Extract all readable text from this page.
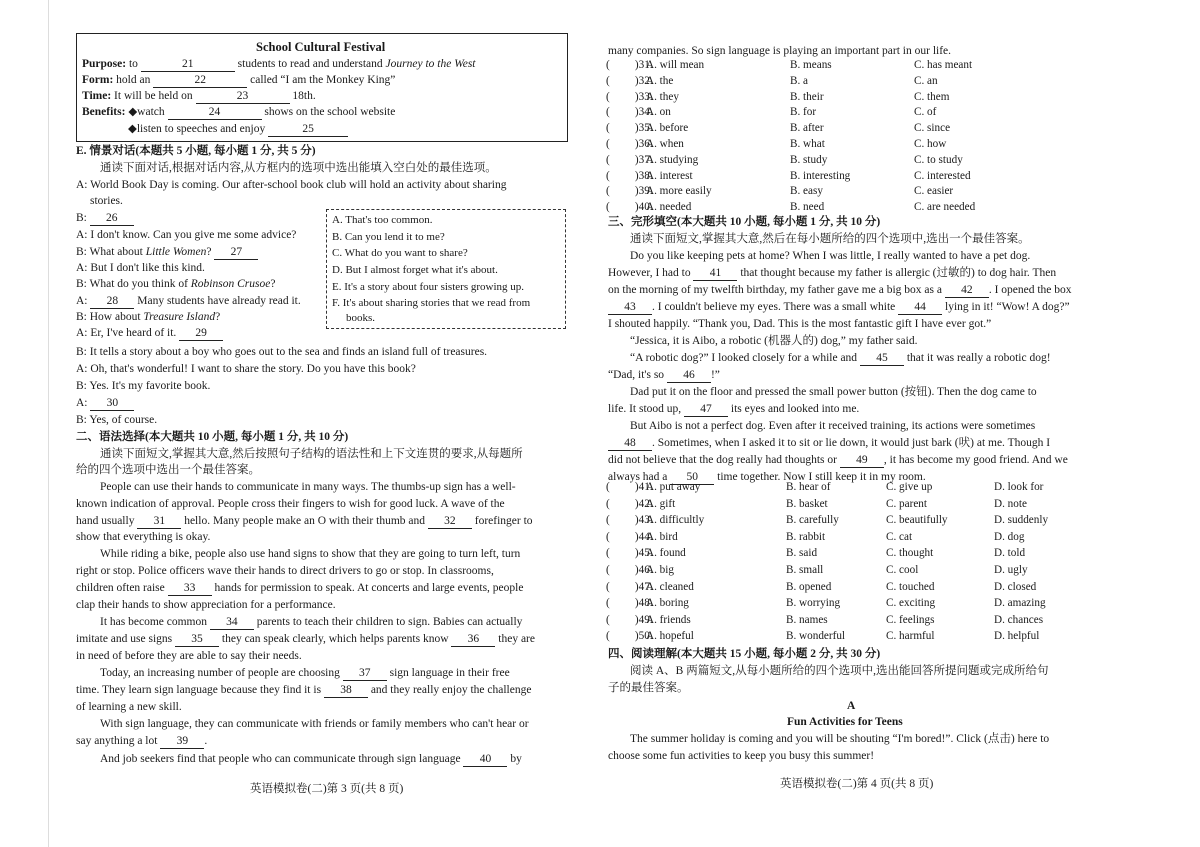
School Cultural Festival
Purpose: to	21	students to read and understand Journey to the West
Form: hold an	22	called “I am the Monkey King”
Time: It will be held on	23	18th.
Benefits: ◆watch	24	shows on the school website
◆listen to speeches and enjoy	25
E. 情景对话(本题共 5 小题, 每小题 1 分, 共 5 分)
通读下面对话,根据对话内容,从方框内的选项中选出能填入空白处的最佳选项。
A: World Book Day is coming. Our after-school book club will hold an activity about sharing
stories.
B: 26
A: I don't know. Can you give me some advice?
B: What about Little Women? 27
A: But I don't like this kind.
B: What do you think of Robinson Crusoe?
A: 28 Many students have already read it.
B: How about Treasure Island?
A: Er, I've heard of it. 29
A. That's too common.
B. Can you lend it to me?
C. What do you want to share?
D. But I almost forget what it's about.
E. It's a story about four sisters growing up.
F. It's about sharing stories that we read from
books.
B: It tells a story about a boy who goes out to the sea and finds an island full of treasures.
A: Oh, that's wonderful! I want to share the story. Do you have this book?
B: Yes. It's my favorite book.
A: 30
B: Yes, of course.
二、语法选择(本大题共 10 小题, 每小题 1 分, 共 10 分)
通读下面短文,掌握其大意,然后按照句子结构的语法性和上下文连贯的要求,从每题所
给的四个选项中选出一个最佳答案。
People can use their hands to communicate in many ways. The thumbs-up sign has a well-
known indication of approval. People cross their fingers to wish for good luck. A wave of the
hand usually 31 hello. Many people make an O with their thumb and 32 forefinger to
show that everything is okay.
While riding a bike, people also use hand signs to show that they are going to turn left, turn
right or stop. Police officers wave their hands to direct drivers to go or stop. In classrooms,
children often raise 33 hands for permission to speak. At concerts and large events, people
clap their hands to show appreciation for a performance.
It has become common 34 parents to teach their children to sign. Babies can actually
imitate and use signs 35 they can speak clearly, which helps parents know 36 they are
in need of before they are able to say their needs.
Today, an increasing number of people are choosing 37 sign language in their free
time. They learn sign language because they find it is 38 and they really enjoy the challenge
of learning a new skill.
With sign language, they can communicate with friends or family members who can't hear or
say anything a lot 39 .
And job seekers find that people who can communicate through sign language 40 by
英语模拟卷(二)第 3 页(共 8 页)
many companies. So sign language is playing an important part in our life.
( 　　)31.
A. will mean	B. means	C. has meant
( 　　)32.
A. the	B. a	C. an
( 　　)33.
A. they	B. their	C. them
( 　　)34.
A. on	B. for	C. of
( 　　)35.
A. before	B. after	C. since
( 　　)36.
A. when	B. what	C. how
( 　　)37.
A. studying	B. study	C. to study
( 　　)38.
A. interest	B. interesting	C. interested
( 　　)39.
A. more easily	B. easy	C. easier
( 　　)40.
A. needed	B. need	C. are needed
三、完形填空(本大题共 10 小题, 每小题 1 分, 共 10 分)
通读下面短文,掌握其大意,然后在每小题所给的四个选项中,选出一个最佳答案。
Do you like keeping pets at home? When I was little, I really wanted to have a pet dog.
However, I had to 41 that thought because my father is allergic (过敏的) to dog hair. Then
on the morning of my twelfth birthday, my father gave me a big box as a 42 . I opened the box
43 . I couldn't believe my eyes. There was a small white 44 lying in it! “Wow! A dog?”
I shouted happily. “Thank you, Dad. This is the most fantastic gift I have ever got.”
“Jessica, it is Aibo, a robotic (机器人的) dog,” my father said.
“A robotic dog?” I looked closely for a while and 45 that it was really a robotic dog!
“Dad, it's so 46 !”
Dad put it on the floor and pressed the small power button (按钮). Then the dog came to
life. It stood up, 47 its eyes and looked into me.
But Aibo is not a perfect dog. Even after it received training, its actions were sometimes
48 . Sometimes, when I asked it to sit or lie down, it would just bark (吠) at me. Though I
did not believe that the dog really had thoughts or 49 , it has become my good friend. And we
always had a 50 time together. Now I still keep it in my room.
( 　　)41.
A. put away	B. hear of	C. give up	D. look for
( 　　)42.
A. gift	B. basket	C. parent	D. note
( 　　)43.
A. difficultly	B. carefully	C. beautifully	D. suddenly
( 　　)44.
A. bird	B. rabbit	C. cat	D. dog
( 　　)45.
A. found	B. said	C. thought	D. told
( 　　)46.
A. big	B. small	C. cool	D. ugly
( 　　)47.
A. cleaned	B. opened	C. touched	D. closed
( 　　)48.
A. boring	B. worrying	C. exciting	D. amazing
( 　　)49.
A. friends	B. names	C. feelings	D. chances
( 　　)50.
A. hopeful	B. wonderful	C. harmful	D. helpful
四、阅读理解(本大题共 15 小题, 每小题 2 分, 共 30 分)
阅读 A、B 两篇短文,从每小题所给的四个选项中,选出能回答所提问题或完成所给句
子的最佳答案。
A
Fun Activities for Teens
The summer holiday is coming and you will be shouting “I'm bored!”. Click (点击) here to
choose some fun activities to keep you busy this summer!
英语模拟卷(二)第 4 页(共 8 页)
